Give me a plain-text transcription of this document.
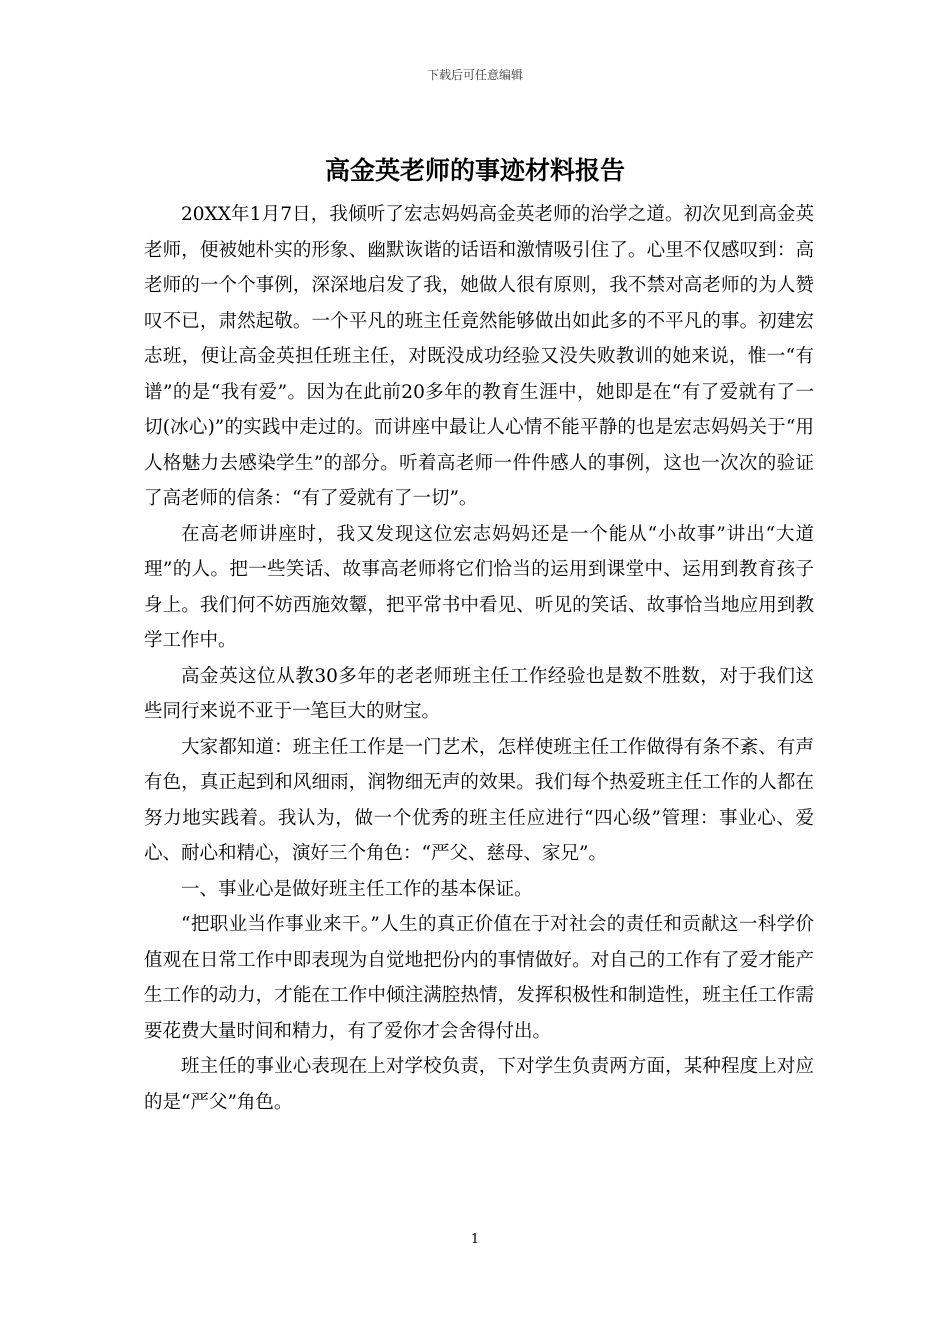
下载后可任意编辑
高金英老师的事迹材料报告

20XX年1月7日，我倾听了宏志妈妈高金英老师的治学之道。初次见到高金英老师，便被她朴实的形象、幽默诙谐的话语和激情吸引住了。心里不仅感叹到：高老师的一个个事例，深深地启发了我，她做人很有原则，我不禁对高老师的为人赞叹不已，肃然起敬。一个平凡的班主任竟然能够做出如此多的不平凡的事。初建宏志班，便让高金英担任班主任，对既没成功经验又没失败教训的她来说，惟一“有谱”的是“我有爱”。因为在此前20多年的教育生涯中，她即是在“有了爱就有了一切(冰心)”的实践中走过的。而讲座中最让人心情不能平静的也是宏志妈妈关于“用人格魅力去感染学生”的部分。听着高老师一件件感人的事例，这也一次次的验证了高老师的信条：“有了爱就有了一切”。

在高老师讲座时，我又发现这位宏志妈妈还是一个能从“小故事”讲出“大道理”的人。把一些笑话、故事高老师将它们恰当的运用到课堂中、运用到教育孩子身上。我们何不妨西施效颦，把平常书中看见、听见的笑话、故事恰当地应用到教学工作中。

高金英这位从教30多年的老老师班主任工作经验也是数不胜数，对于我们这些同行来说不亚于一笔巨大的财宝。

大家都知道：班主任工作是一门艺术，怎样使班主任工作做得有条不紊、有声有色，真正起到和风细雨，润物细无声的效果。我们每个热爱班主任工作的人都在努力地实践着。我认为，做一个优秀的班主任应进行“四心级”管理：事业心、爱心、耐心和精心，演好三个角色：“严父、慈母、家兄”。

一、事业心是做好班主任工作的基本保证。

“把职业当作事业来干。”人生的真正价值在于对社会的责任和贡献这一科学价值观在日常工作中即表现为自觉地把份内的事情做好。对自己的工作有了爱才能产生工作的动力，才能在工作中倾注满腔热情，发挥积极性和制造性，班主任工作需要花费大量时间和精力，有了爱你才会舍得付出。

班主任的事业心表现在上对学校负责，下对学生负责两方面，某种程度上对应的是“严父”角色。

1
